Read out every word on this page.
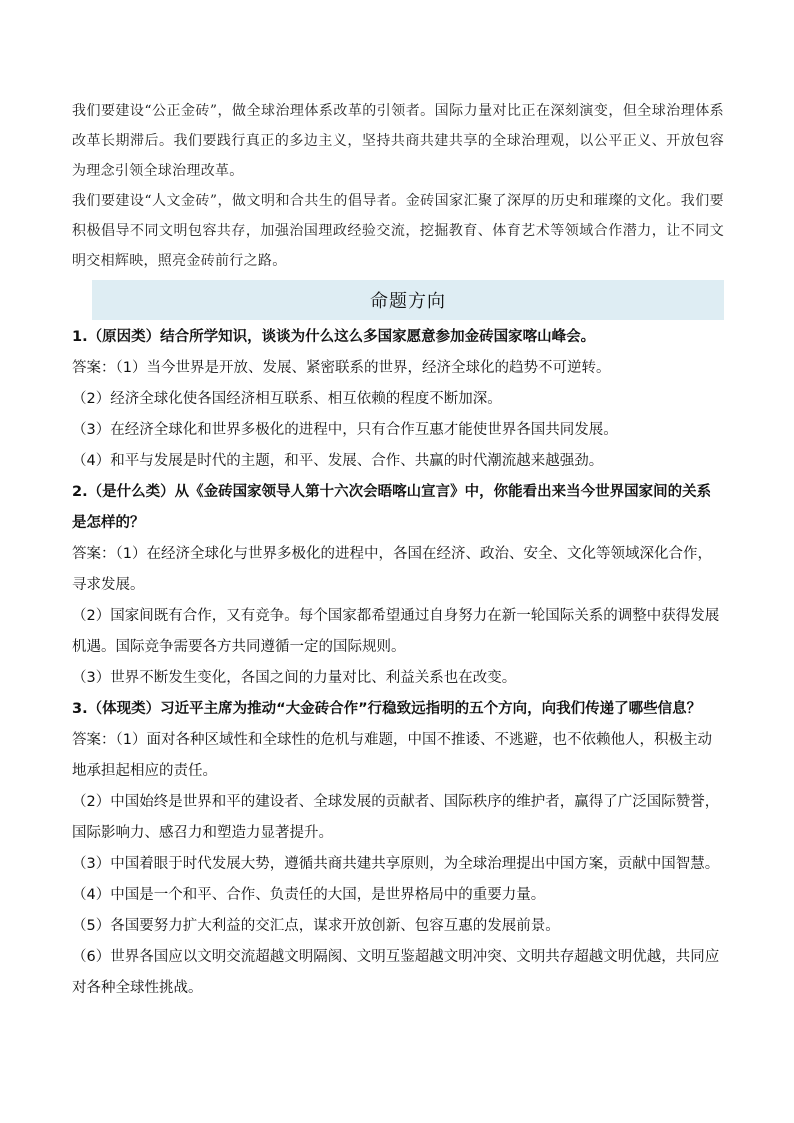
我们要建设“公正金砖”，做全球治理体系改革的引领者。国际力量对比正在深刻演变，但全球治理体系改革长期滞后。我们要践行真正的多边主义，坚持共商共建共享的全球治理观，以公平正义、开放包容为理念引领全球治理改革。

我们要建设“人文金砖”，做文明和合共生的倡导者。金砖国家汇聚了深厚的历史和璀璨的文化。我们要积极倡导不同文明包容共存，加强治国理政经验交流，挖掘教育、体育艺术等领域合作潜力，让不同文明交相辉映，照亮金砖前行之路。

命题方向

1.（原因类）结合所学知识，谈谈为什么这么多国家愿意参加金砖国家喀山峰会。

答案：（1）当今世界是开放、发展、紧密联系的世界，经济全球化的趋势不可逆转。

（2）经济全球化使各国经济相互联系、相互依赖的程度不断加深。

（3）在经济全球化和世界多极化的进程中，只有合作互惠才能使世界各国共同发展。

（4）和平与发展是时代的主题，和平、发展、合作、共赢的时代潮流越来越强劲。

2.（是什么类）从《金砖国家领导人第十六次会晤喀山宣言》中，你能看出来当今世界国家间的关系是怎样的？

答案：（1）在经济全球化与世界多极化的进程中，各国在经济、政治、安全、文化等领域深化合作，寻求发展。

（2）国家间既有合作，又有竞争。每个国家都希望通过自身努力在新一轮国际关系的调整中获得发展机遇。国际竞争需要各方共同遵循一定的国际规则。

（3）世界不断发生变化，各国之间的力量对比、利益关系也在改变。

3.（体现类）习近平主席为推动“大金砖合作”行稳致远指明的五个方向，向我们传递了哪些信息？

答案：（1）面对各种区域性和全球性的危机与难题，中国不推诿、不逃避，也不依赖他人，积极主动地承担起相应的责任。

（2）中国始终是世界和平的建设者、全球发展的贡献者、国际秩序的维护者，赢得了广泛国际赞誉，国际影响力、感召力和塑造力显著提升。

（3）中国着眼于时代发展大势，遵循共商共建共享原则，为全球治理提出中国方案，贡献中国智慧。

（4）中国是一个和平、合作、负责任的大国，是世界格局中的重要力量。

（5）各国要努力扩大利益的交汇点，谋求开放创新、包容互惠的发展前景。

（6）世界各国应以文明交流超越文明隔阂、文明互鉴超越文明冲突、文明共存超越文明优越，共同应对各种全球性挑战。
